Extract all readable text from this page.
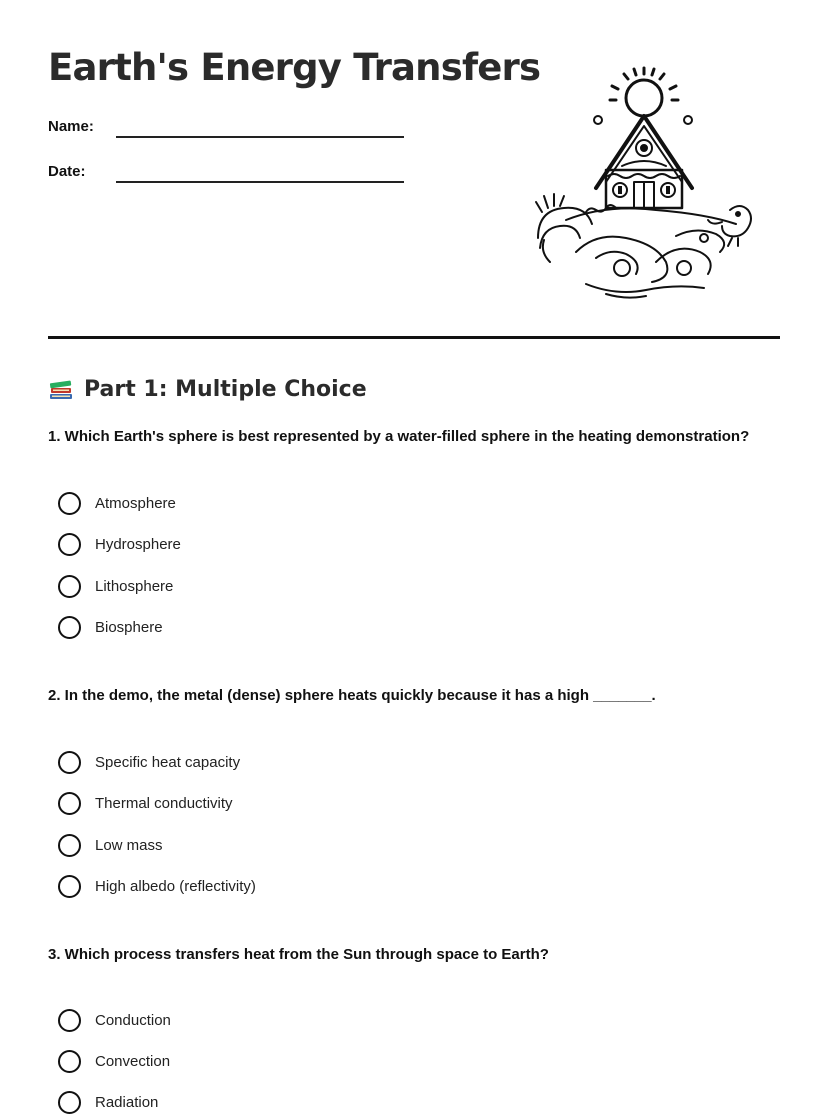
Earth's Energy Transfers
Name:
Date:
Part 1: Multiple Choice
1. Which Earth's sphere is best represented by a water-filled sphere in the heating demonstration?
Atmosphere
Hydrosphere
Lithosphere
Biosphere
2. In the demo, the metal (dense) sphere heats quickly because it has a high _______.
Specific heat capacity
Thermal conductivity
Low mass
High albedo (reflectivity)
3. Which process transfers heat from the Sun through space to Earth?
Conduction
Convection
Radiation
